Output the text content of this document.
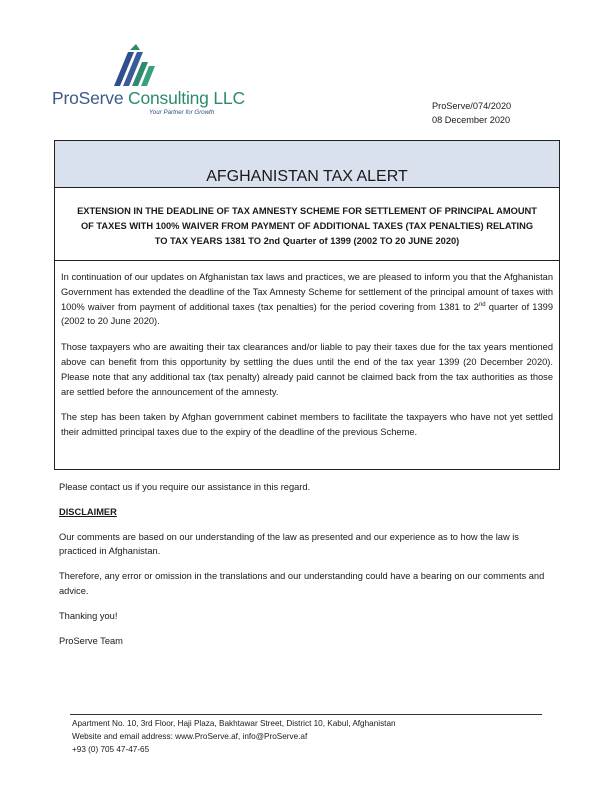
ProServe Consulting LLC
Your Partner for Growth
ProServe/074/2020
08 December 2020
AFGHANISTAN TAX ALERT
EXTENSION IN THE DEADLINE OF TAX AMNESTY SCHEME FOR SETTLEMENT OF PRINCIPAL AMOUNT OF TAXES WITH 100% WAIVER FROM PAYMENT OF ADDITIONAL TAXES (TAX PENALTIES) RELATING TO TAX YEARS 1381 TO 2nd Quarter of 1399 (2002 TO 20 JUNE 2020)

In continuation of our updates on Afghanistan tax laws and practices, we are pleased to inform you that the Afghanistan Government has extended the deadline of the Tax Amnesty Scheme for settlement of the principal amount of taxes with 100% waiver from payment of additional taxes (tax penalties) for the period covering from 1381 to 2nd quarter of 1399 (2002 to 20 June 2020).

Those taxpayers who are awaiting their tax clearances and/or liable to pay their taxes due for the tax years mentioned above can benefit from this opportunity by settling the dues until the end of the tax year 1399 (20 December 2020). Please note that any additional tax (tax penalty) already paid cannot be claimed back from the tax authorities as those are settled before the announcement of the amnesty.

The step has been taken by Afghan government cabinet members to facilitate the taxpayers who have not yet settled their admitted principal taxes due to the expiry of the deadline of the previous Scheme.

Please contact us if you require our assistance in this regard.

DISCLAIMER

Our comments are based on our understanding of the law as presented and our experience as to how the law is practiced in Afghanistan.

Therefore, any error or omission in the translations and our understanding could have a bearing on our comments and advice.

Thanking you!

ProServe Team

Apartment No. 10, 3rd Floor, Haji Plaza, Bakhtawar Street, District 10, Kabul, Afghanistan
Website and email address: www.ProServe.af, info@ProServe.af
+93 (0) 705 47-47-65
